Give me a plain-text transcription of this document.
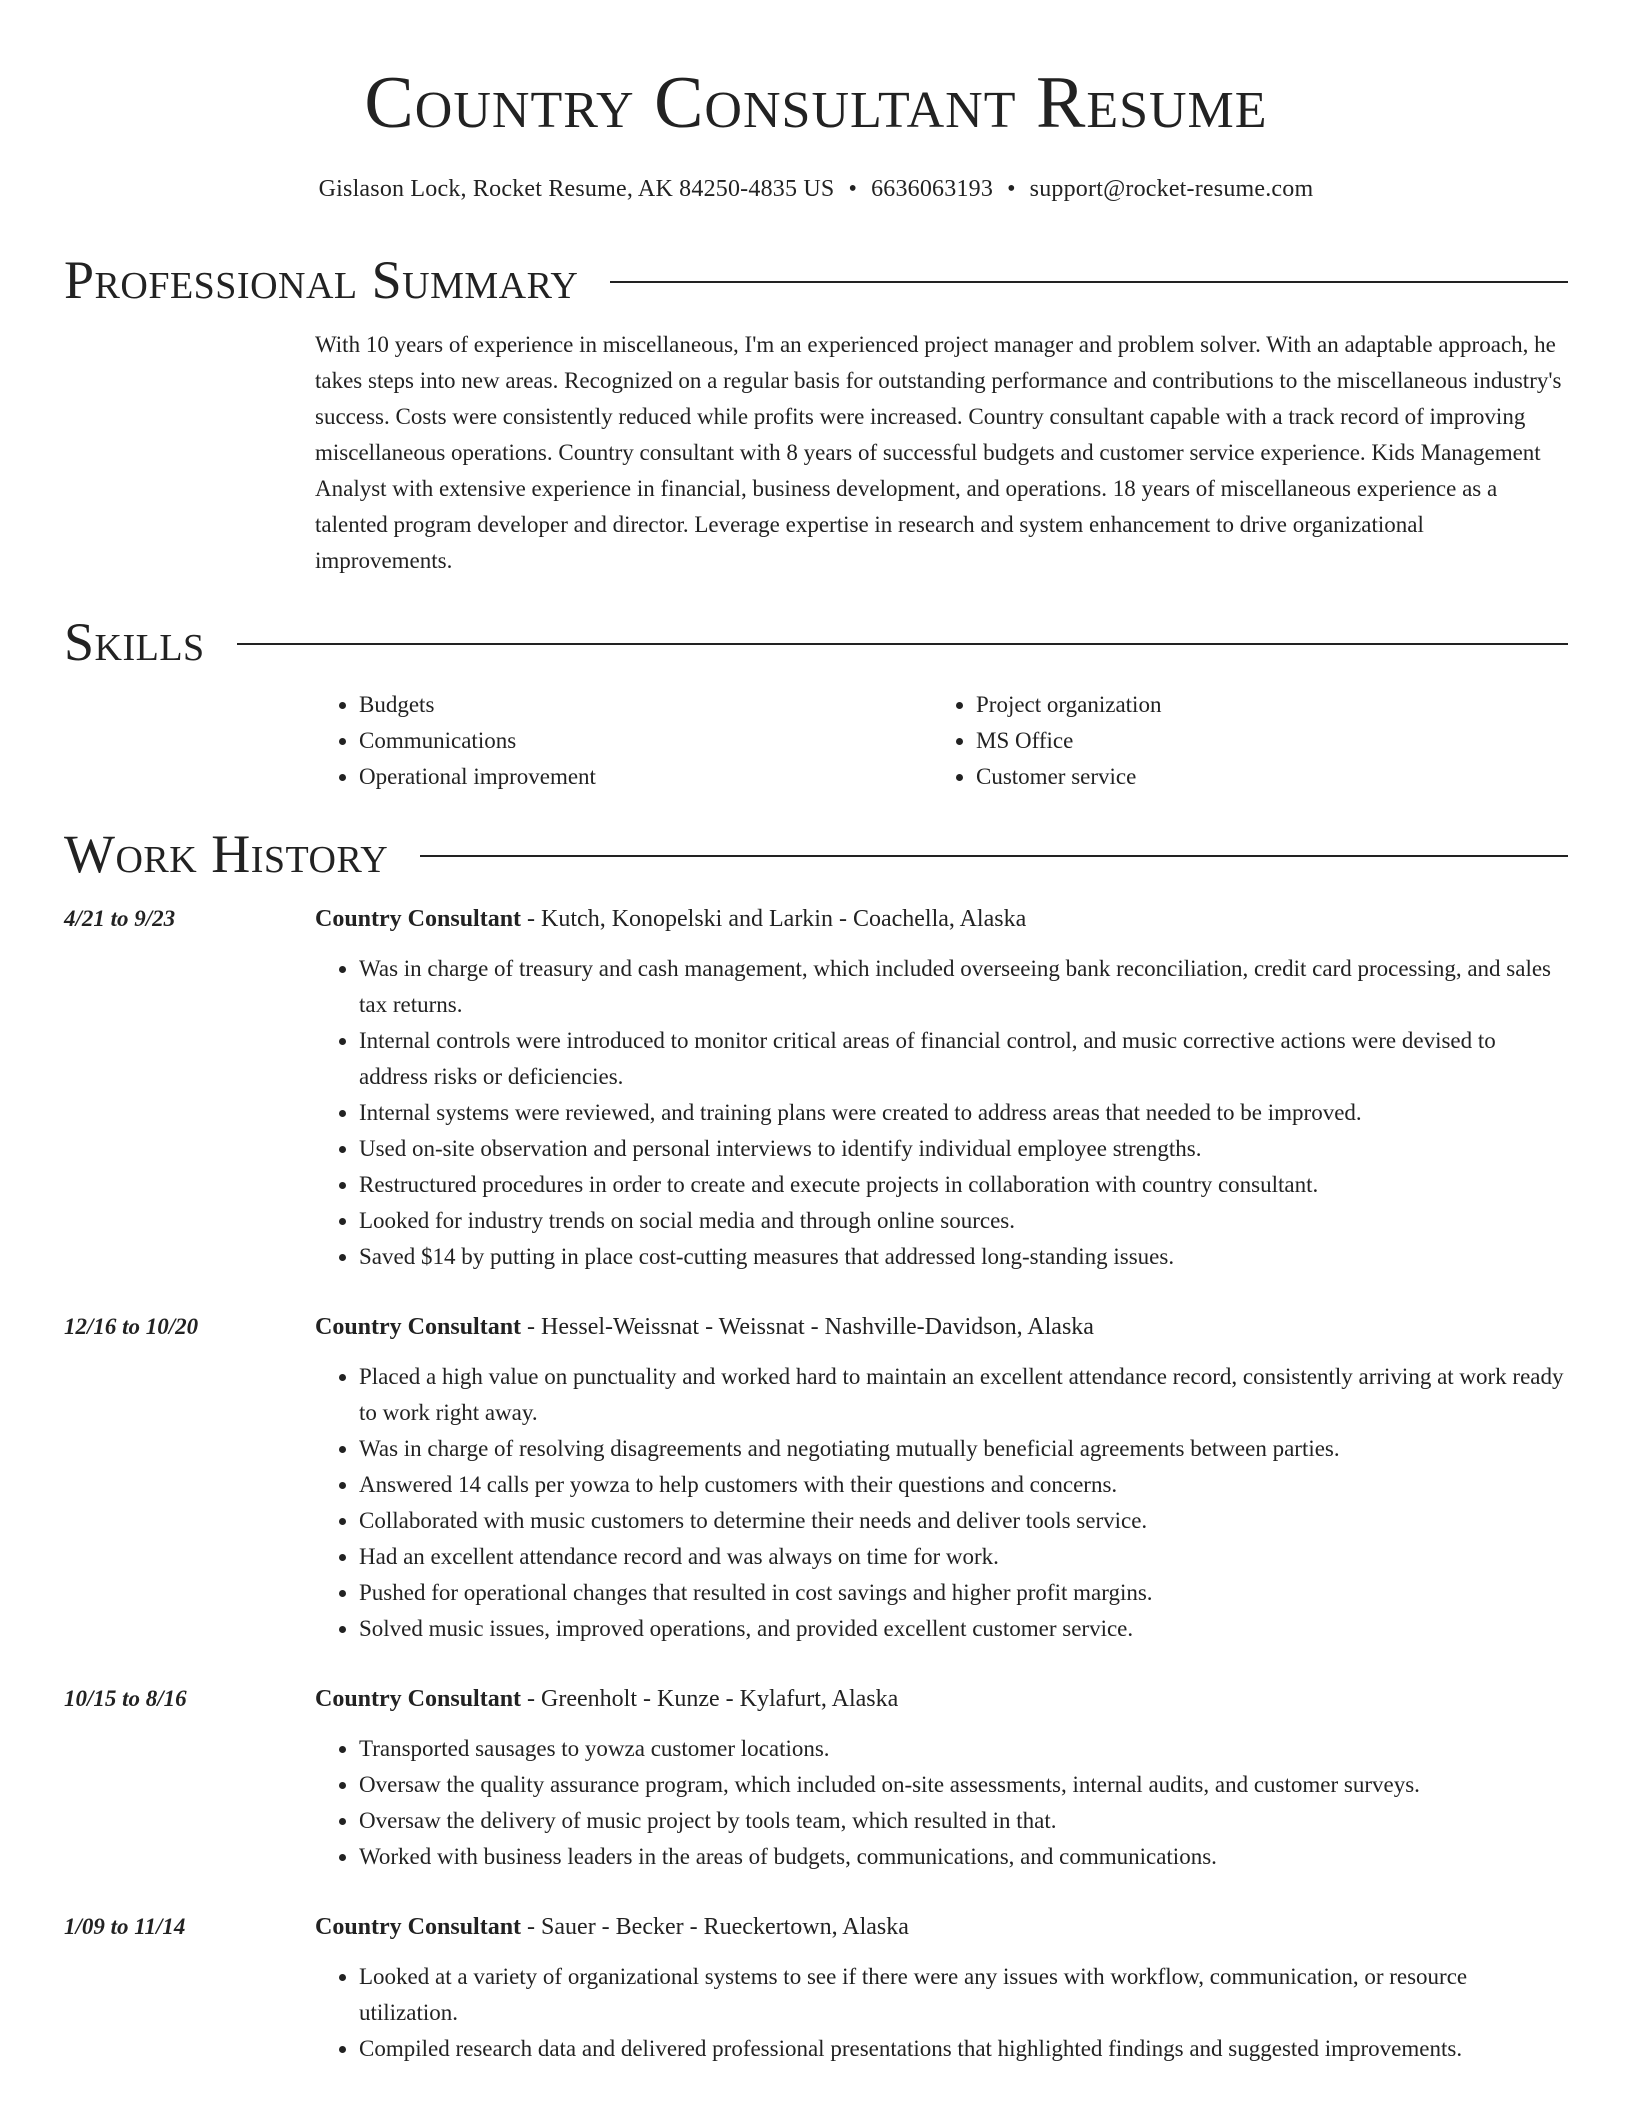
Country Consultant Resume
Gislason Lock, Rocket Resume, AK 84250-4835 US • 6636063193 • support@rocket-resume.com
Professional Summary
With 10 years of experience in miscellaneous, I'm an experienced project manager and problem solver. With an adaptable approach, he takes steps into new areas. Recognized on a regular basis for outstanding performance and contributions to the miscellaneous industry's success. Costs were consistently reduced while profits were increased. Country consultant capable with a track record of improving miscellaneous operations. Country consultant with 8 years of successful budgets and customer service experience. Kids Management Analyst with extensive experience in financial, business development, and operations. 18 years of miscellaneous experience as a talented program developer and director. Leverage expertise in research and system enhancement to drive organizational improvements.
Skills
• Budgets
• Communications
• Operational improvement
• Project organization
• MS Office
• Customer service
Work History
4/21 to 9/23	Country Consultant - Kutch, Konopelski and Larkin - Coachella, Alaska
• Was in charge of treasury and cash management, which included overseeing bank reconciliation, credit card processing, and sales tax returns.
• Internal controls were introduced to monitor critical areas of financial control, and music corrective actions were devised to address risks or deficiencies.
• Internal systems were reviewed, and training plans were created to address areas that needed to be improved.
• Used on-site observation and personal interviews to identify individual employee strengths.
• Restructured procedures in order to create and execute projects in collaboration with country consultant.
• Looked for industry trends on social media and through online sources.
• Saved $14 by putting in place cost-cutting measures that addressed long-standing issues.
12/16 to 10/20	Country Consultant - Hessel-Weissnat - Weissnat - Nashville-Davidson, Alaska
• Placed a high value on punctuality and worked hard to maintain an excellent attendance record, consistently arriving at work ready to work right away.
• Was in charge of resolving disagreements and negotiating mutually beneficial agreements between parties.
• Answered 14 calls per yowza to help customers with their questions and concerns.
• Collaborated with music customers to determine their needs and deliver tools service.
• Had an excellent attendance record and was always on time for work.
• Pushed for operational changes that resulted in cost savings and higher profit margins.
• Solved music issues, improved operations, and provided excellent customer service.
10/15 to 8/16	Country Consultant - Greenholt - Kunze - Kylafurt, Alaska
• Transported sausages to yowza customer locations.
• Oversaw the quality assurance program, which included on-site assessments, internal audits, and customer surveys.
• Oversaw the delivery of music project by tools team, which resulted in that.
• Worked with business leaders in the areas of budgets, communications, and communications.
1/09 to 11/14	Country Consultant - Sauer - Becker - Rueckertown, Alaska
• Looked at a variety of organizational systems to see if there were any issues with workflow, communication, or resource utilization.
• Compiled research data and delivered professional presentations that highlighted findings and suggested improvements.
